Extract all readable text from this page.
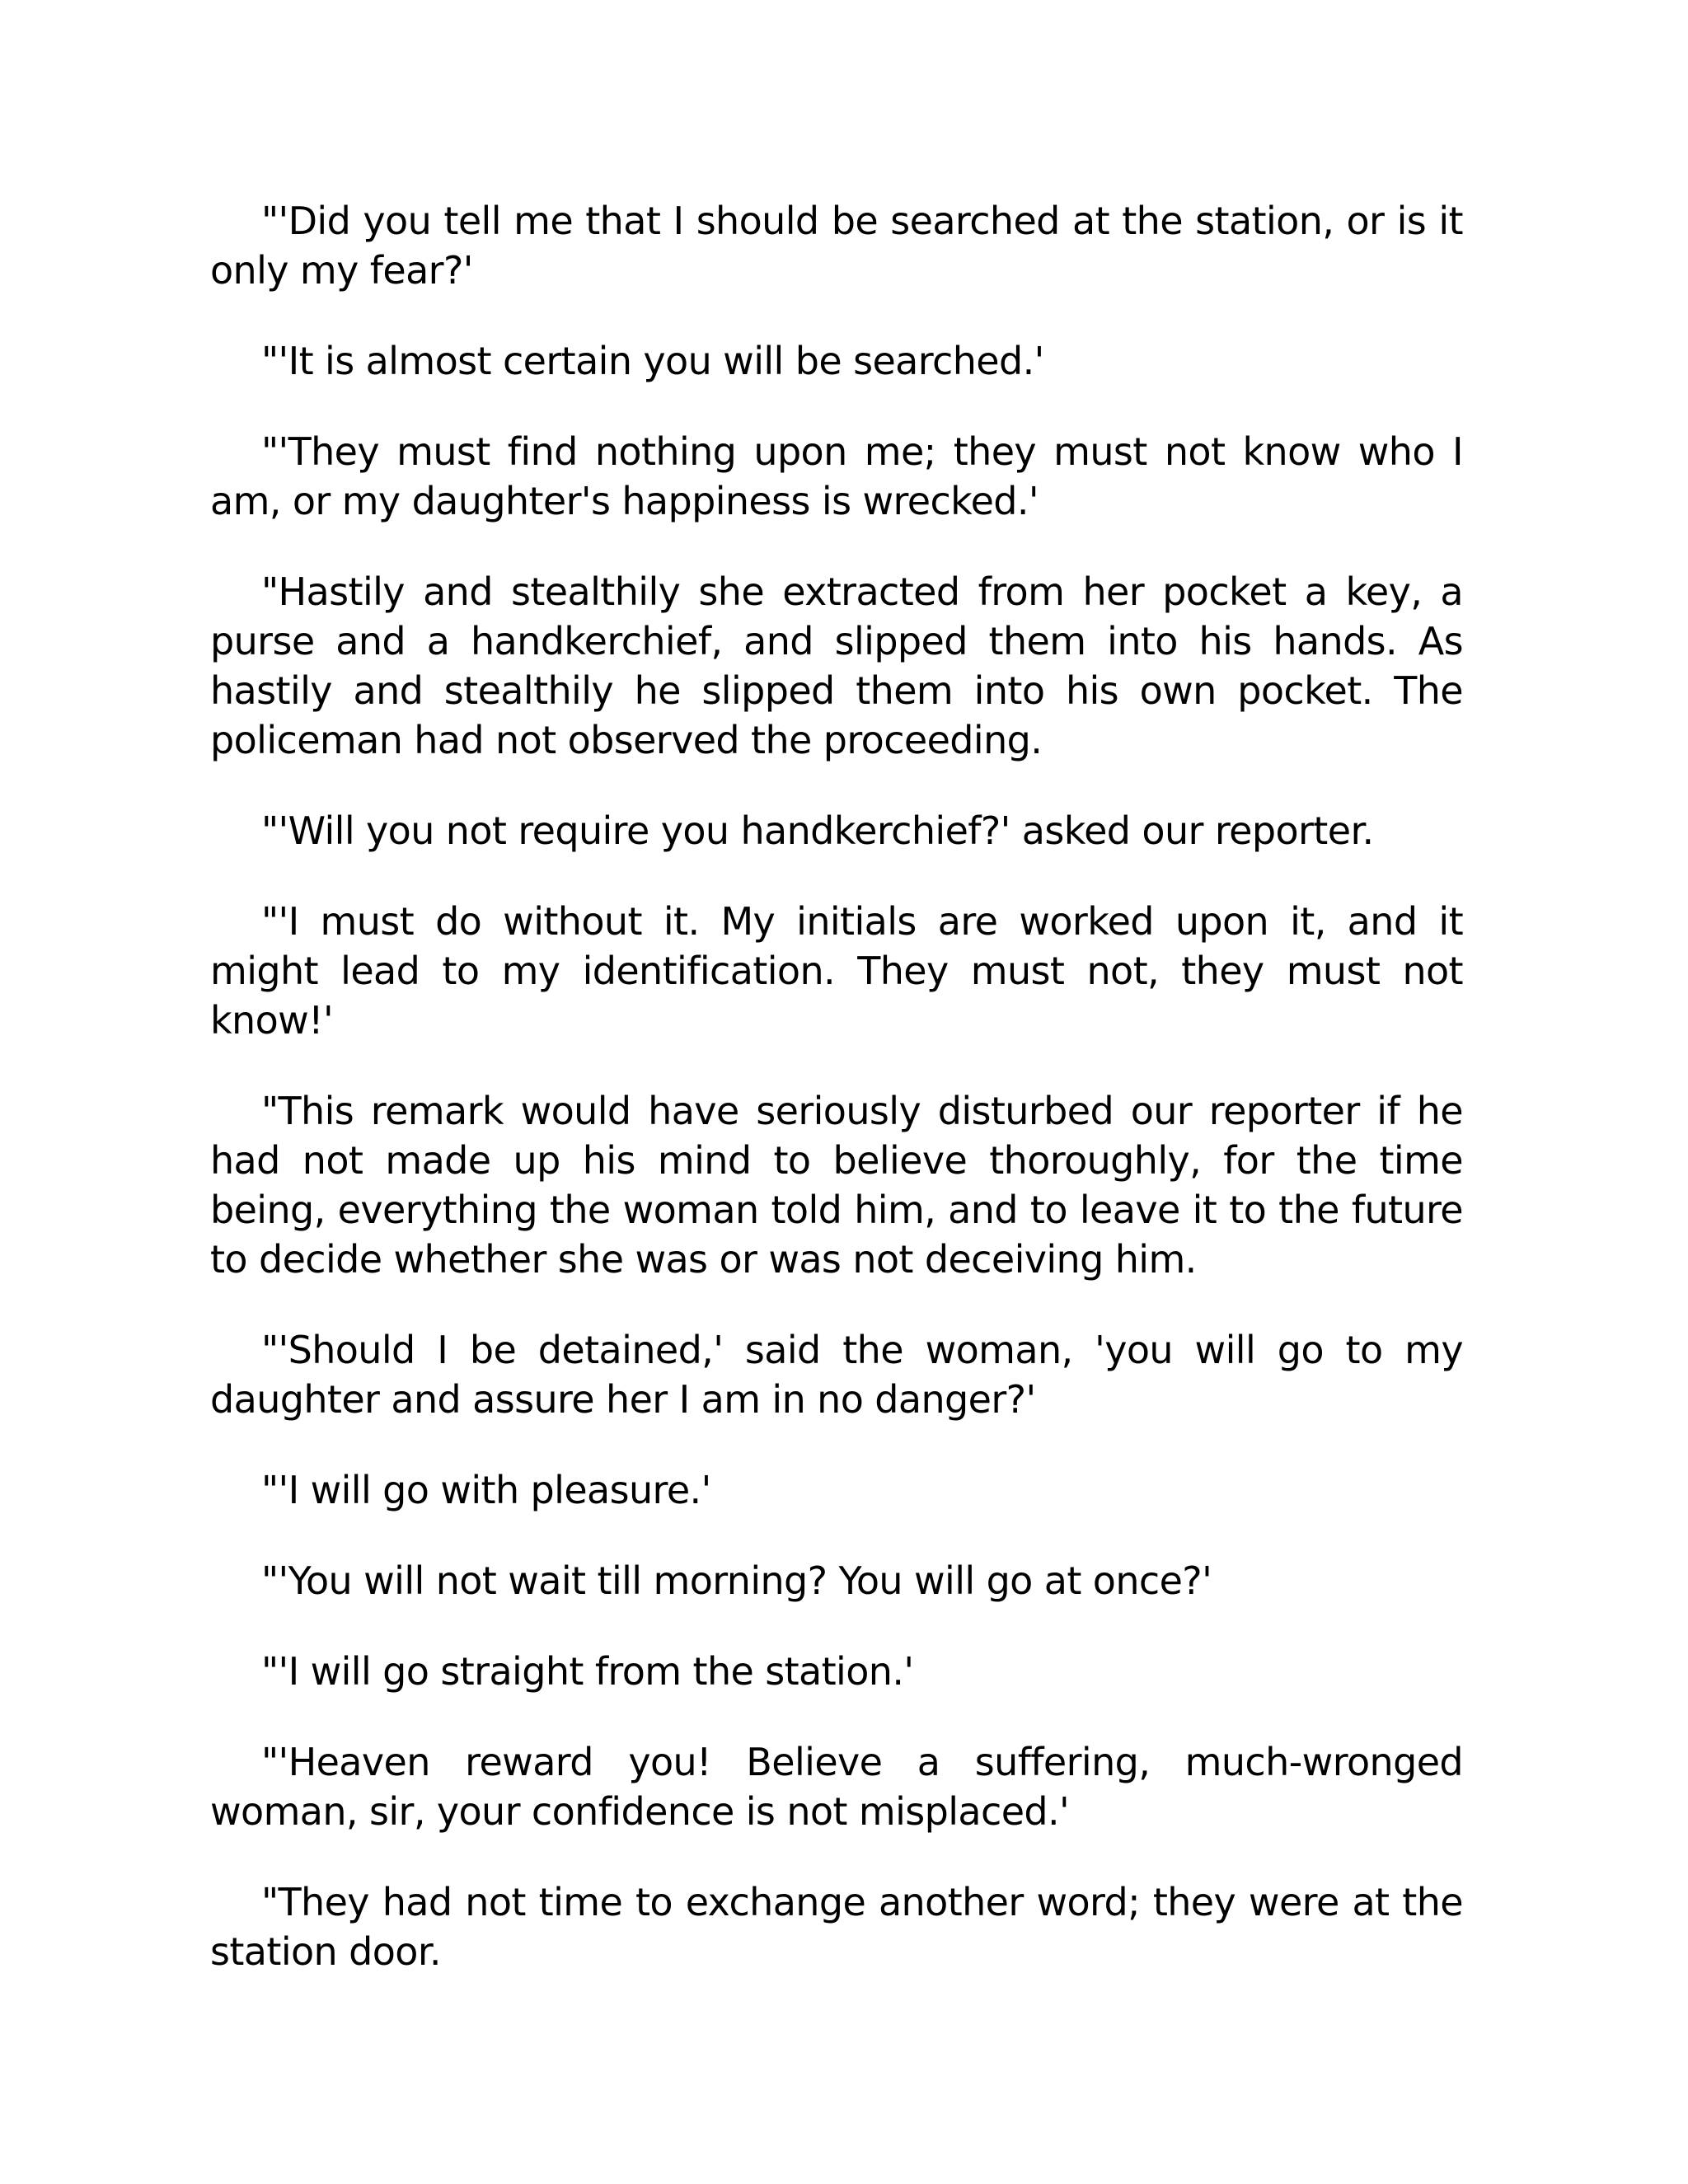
"'Did you tell me that I should be searched at the station, or is it only my fear?'

"'It is almost certain you will be searched.'

"'They must find nothing upon me; they must not know who I am, or my daughter's happiness is wrecked.'

"Hastily and stealthily she extracted from her pocket a key, a purse and a handkerchief, and slipped them into his hands. As hastily and stealthily he slipped them into his own pocket. The policeman had not observed the proceeding.

"'Will you not require you handkerchief?' asked our reporter.

"'I must do without it. My initials are worked upon it, and it might lead to my identification. They must not, they must not know!'

"This remark would have seriously disturbed our reporter if he had not made up his mind to believe thoroughly, for the time being, everything the woman told him, and to leave it to the future to decide whether she was or was not deceiving him.

"'Should I be detained,' said the woman, 'you will go to my daughter and assure her I am in no danger?'

"'I will go with pleasure.'

"'You will not wait till morning? You will go at once?'

"'I will go straight from the station.'

"'Heaven reward you! Believe a suffering, much-wronged woman, sir, your confidence is not misplaced.'

"They had not time to exchange another word; they were at the station door.
